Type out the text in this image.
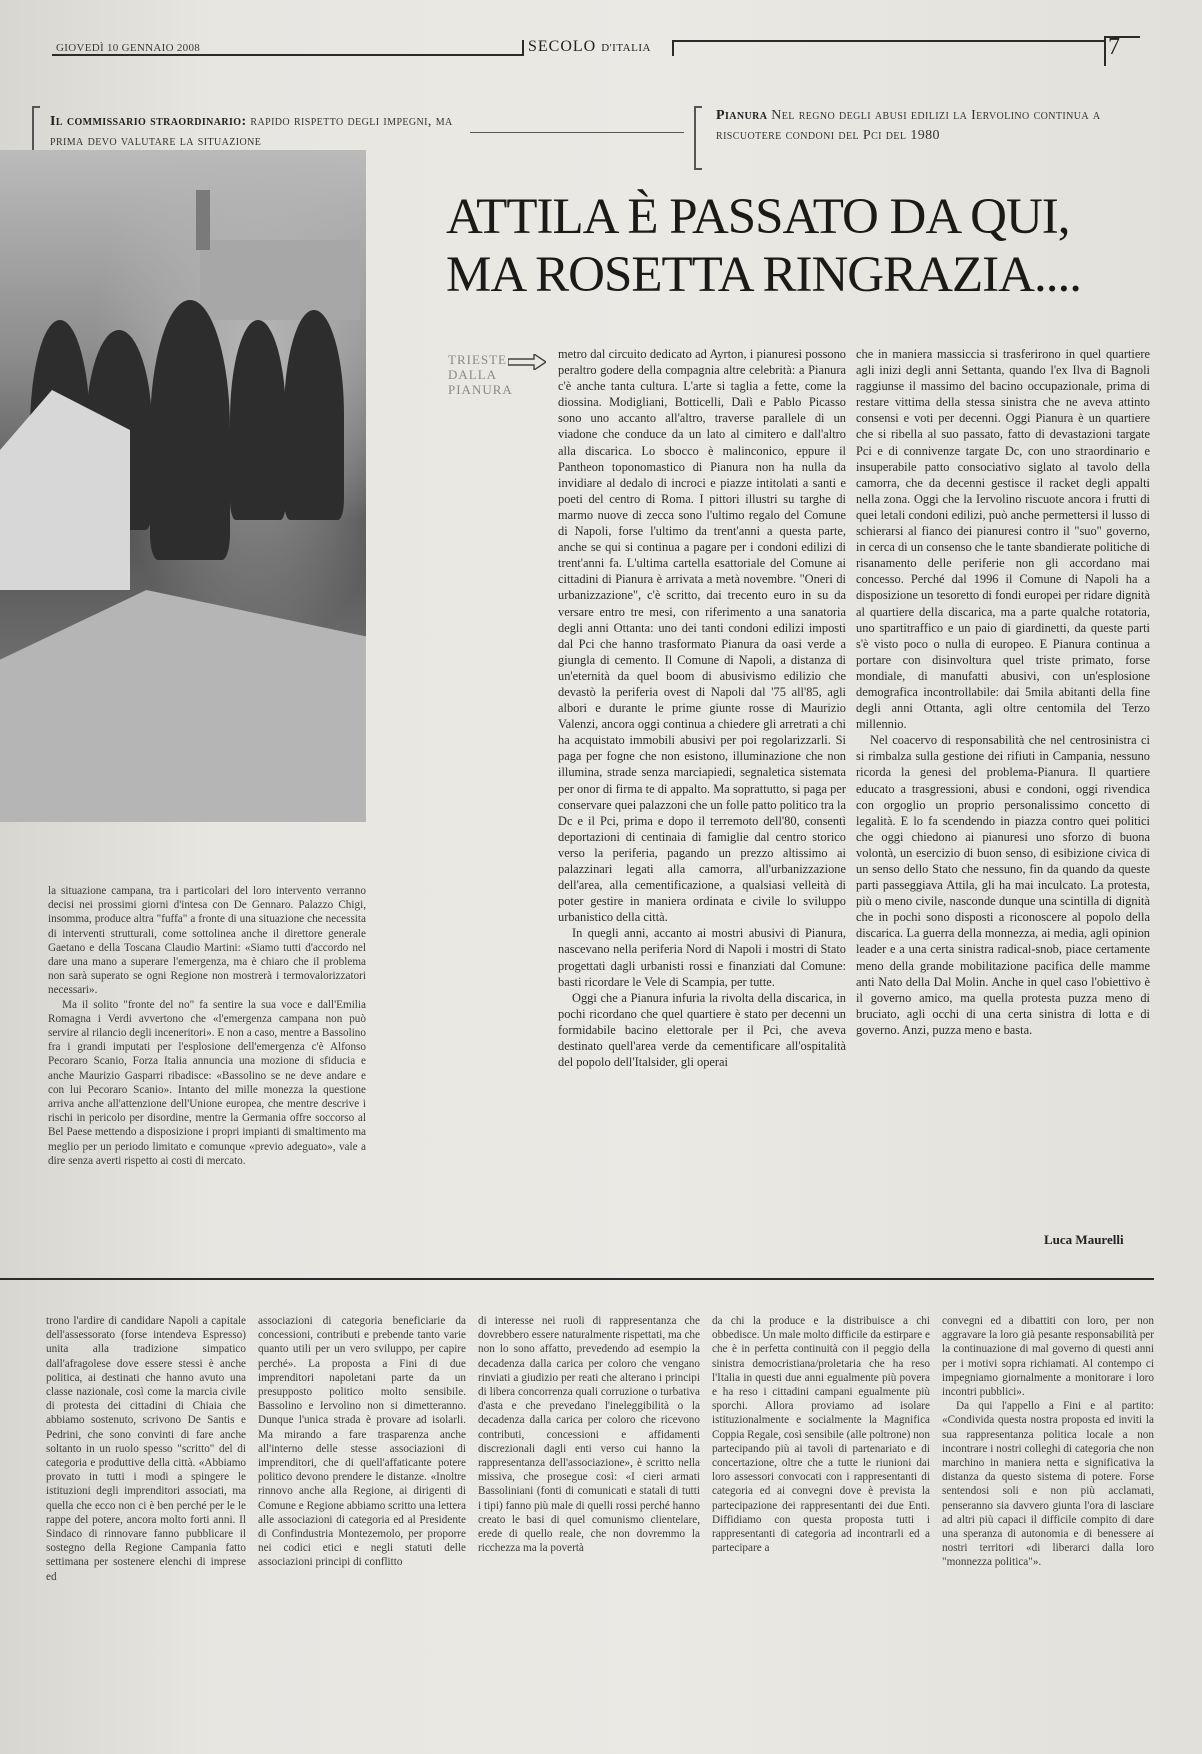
GIOVEDÌ 10 GENNAIO 2008	SECOLO D'ITALIA	7
Il commissario straordinario: rapido rispetto degli impegni, ma prima devo valutare la situazione
Pianura Nel regno degli abusi edilizi la Iervolino continua a riscuotere condoni del Pci del 1980
ATTILA È PASSATO DA QUI,
MA ROSETTA RINGRAZIA....
TRIESTE DALLA PIANURA

metro dal circuito dedicato ad Ayrton, i pianuresi possono peraltro godere della compagnia altre celebrità: a Pianura c'è anche tanta cultura. L'arte si taglia a fette, come la diossina. Modigliani, Botticelli, Dalì e Pablo Picasso sono uno accanto all'altro, traverse parallele di un viadone che conduce da un lato al cimitero e dall'altro alla discarica. Lo sbocco è malinconico, eppure il Pantheon toponomastico di Pianura non ha nulla da invidiare al dedalo di incroci e piazze intitolati a santi e poeti del centro di Roma. I pittori illustri su targhe di marmo nuove di zecca sono l'ultimo regalo del Comune di Napoli, forse l'ultimo da trent'anni a questa parte, anche se qui si continua a pagare per i condoni edilizi di trent'anni fa. L'ultima cartella esattoriale del Comune ai cittadini di Pianura è arrivata a metà novembre. "Oneri di urbanizzazione", c'è scritto, dai trecento euro in su da versare entro tre mesi, con riferimento a una sanatoria degli anni Ottanta: uno dei tanti condoni edilizi imposti dal Pci che hanno trasformato Pianura da oasi verde a giungla di cemento. Il Comune di Napoli, a distanza di un'eternità da quel boom di abusivismo edilizio che devastò la periferia ovest di Napoli dal '75 all'85, agli albori e durante le prime giunte rosse di Maurizio Valenzi, ancora oggi continua a chiedere gli arretrati a chi ha acquistato immobili abusivi per poi regolarizzarli. Si paga per fogne che non esistono, illuminazione che non illumina, strade senza marciapiedi, segnaletica sistemata per onor di firma te di appalto. Ma soprattutto, si paga per conservare quei palazzoni che un folle patto politico tra la Dc e il Pci, prima e dopo il terremoto dell'80, consentì deportazioni di centinaia di famiglie dal centro storico verso la periferia, pagando un prezzo altissimo ai palazzinari legati alla camorra, all'urbanizzazione dell'area, alla cementificazione, a qualsiasi velleità di poter gestire in maniera ordinata e civile lo sviluppo urbanistico della città.

In quegli anni, accanto ai mostri abusivi di Pianura, nascevano nella periferia Nord di Napoli i mostri di Stato progettati dagli urbanisti rossi e finanziati dal Comune: basti ricordare le Vele di Scampia, per tutte.

Oggi che a Pianura infuria la rivolta della discarica, in pochi ricordano che quel quartiere è stato per decenni un formidabile bacino elettorale per il Pci, che aveva destinato quell'area verde da cementificare all'ospitalità del popolo dell'Italsider, gli operai

che in maniera massiccia si trasferirono in quel quartiere agli inizi degli anni Settanta, quando l'ex Ilva di Bagnoli raggiunse il massimo del bacino occupazionale, prima di restare vittima della stessa sinistra che ne aveva attinto consensi e voti per decenni. Oggi Pianura è un quartiere che si ribella al suo passato, fatto di devastazioni targate Pci e di connivenze targate Dc, con uno straordinario e insuperabile patto consociativo siglato al tavolo della camorra, che da decenni gestisce il racket degli appalti nella zona. Oggi che la Iervolino riscuote ancora i frutti di quei letali condoni edilizi, può anche permettersi il lusso di schierarsi al fianco dei pianuresi contro il "suo" governo, in cerca di un consenso che le tante sbandierate politiche di risanamento delle periferie non gli accordano mai concesso. Perché dal 1996 il Comune di Napoli ha a disposizione un tesoretto di fondi europei per ridare dignità al quartiere della discarica, ma a parte qualche rotatoria, uno spartitraffico e un paio di giardinetti, da queste parti s'è visto poco o nulla di europeo. E Pianura continua a portare con disinvoltura quel triste primato, forse mondiale, di manufatti abusivi, con un'esplosione demografica incontrollabile: dai 5mila abitanti della fine degli anni Ottanta, agli oltre centomila del Terzo millennio.

Nel coacervo di responsabilità che nel centrosinistra ci si rimbalza sulla gestione dei rifiuti in Campania, nessuno ricorda la genesi del problema-Pianura. Il quartiere educato a trasgressioni, abusi e condoni, oggi rivendica con orgoglio un proprio personalissimo concetto di legalità. E lo fa scendendo in piazza contro quei politici che oggi chiedono ai pianuresi uno sforzo di buona volontà, un esercizio di buon senso, di esibizione civica di un senso dello Stato che nessuno, fin da quando da queste parti passeggiava Attila, gli ha mai inculcato. La protesta, più o meno civile, nasconde dunque una scintilla di dignità che in pochi sono disposti a riconoscere al popolo della discarica. La guerra della monnezza, ai media, agli opinion leader e a una certa sinistra radical-snob, piace certamente meno della grande mobilitazione pacifica delle mamme anti Nato della Dal Molin. Anche in quel caso l'obiettivo è il governo amico, ma quella protesta puzza meno di bruciato, agli occhi di una certa sinistra di lotta e di governo. Anzi, puzza meno e basta.

Luca Maurelli

la situazione campana, tra i particolari del loro intervento verranno decisi nei prossimi giorni d'intesa con De Gennaro. Palazzo Chigi, insomma, produce altra "fuffa" a fronte di una situazione che necessita di interventi strutturali, come sottolinea anche il direttore generale Gaetano e della Toscana Claudio Martini: «Siamo tutti d'accordo nel dare una mano a superare l'emergenza, ma è chiaro che il problema non sarà superato se ogni Regione non mostrerà i termovalorizzatori necessari».

Ma il solito "fronte del no" fa sentire la sua voce e dall'Emilia Romagna i Verdi avvertono che «l'emergenza campana non può servire al rilancio degli inceneritori». E non a caso, mentre a Bassolino fra i grandi imputati per l'esplosione dell'emergenza c'è Alfonso Pecoraro Scanio, Forza Italia annuncia una mozione di sfiducia e anche Maurizio Gasparri ribadisce: «Bassolino se ne deve andare e con lui Pecoraro Scanio». Intanto del mille monezza la questione arriva anche all'attenzione dell'Unione europea, che mentre descrive i rischi in pericolo per disordine, mentre la Germania offre soccorso al Bel Paese mettendo a disposizione i propri impianti di smaltimento ma meglio per un periodo limitato e comunque «previo adeguato», vale a dire senza averti rispetto ai costi di mercato.

trono l'ardire di candidare Napoli a capitale dell'assessorato (forse intendeva Espresso) unita alla tradizione simpatico dall'afragolese dove essere stessi è anche politica, ai destinati che hanno avuto una classe nazionale, così come la marcia civile di protesta dei cittadini di Chiaia che abbiamo sostenuto, scrivono De Santis e Pedrini, che sono convinti di fare anche soltanto in un ruolo spesso "scritto" del di categoria e produttive della città. «Abbiamo provato in tutti i modi a spingere le istituzioni degli imprenditori associati, ma quella che ecco non ci è ben perché per le le rappe del potere, ancora molto forti anni. Il Sindaco di rinnovare fanno pubblicare il sostegno della Regione Campania fatto settimana per sostenere elenchi di imprese ed

associazioni di categoria beneficiarie da concessioni, contributi e prebende tanto varie quanto utili per un vero sviluppo, per capire perché». La proposta a Fini di due imprenditori napoletani parte da un presupposto politico molto sensibile. Bassolino e Iervolino non si dimetteranno. Dunque l'unica strada è provare ad isolarli. Ma mirando a fare trasparenza anche all'interno delle stesse associazioni di imprenditori, che di quell'affaticante potere politico devono prendere le distanze. «Inoltre rinnovo anche alla Regione, ai dirigenti di Comune e Regione abbiamo scritto una lettera alle associazioni di categoria ed al Presidente di Confindustria Montezemolo, per proporre nei codici etici e negli statuti delle associazioni principi di conflitto

di interesse nei ruoli di rappresentanza che dovrebbero essere naturalmente rispettati, ma che non lo sono affatto, prevedendo ad esempio la decadenza dalla carica per coloro che vengano rinviati a giudizio per reati che alterano i principi di libera concorrenza quali corruzione o turbativa d'asta e che prevedano l'ineleggibilità o la decadenza dalla carica per coloro che ricevono contributi, concessioni e affidamenti discrezionali dagli enti verso cui hanno la rappresentanza dell'associazione», è scritto nella missiva, che prosegue così: «I cieri armati Bassoliniani (fonti di comunicati e statali di tutti i tipi) fanno più male di quelli rossi perché hanno creato le basi di quel comunismo clientelare, erede di quello reale, che non dovremmo la ricchezza ma la povertà

da chi la produce e la distribuisce a chi obbedisce. Un male molto difficile da estirpare e che è in perfetta continuità con il peggio della sinistra democristiana/proletaria che ha reso l'Italia in questi due anni egualmente più povera e ha reso i cittadini campani egualmente più sporchi. Allora proviamo ad isolare istituzionalmente e socialmente la Magnifica Coppia Regale, così sensibile (alle poltrone) non partecipando più ai tavoli di partenariato e di concertazione, oltre che a tutte le riunioni dai loro assessori convocati con i rappresentanti di categoria ed ai convegni dove è prevista la partecipazione dei rappresentanti dei due Enti. Diffidiamo con questa proposta tutti i rappresentanti di categoria ad incontrarli ed a partecipare a

convegni ed a dibattiti con loro, per non aggravare la loro già pesante responsabilità per la continuazione di mal governo di questi anni per i motivi sopra richiamati. Al contempo ci impegniamo giornalmente a monitorare i loro incontri pubblici».

Da qui l'appello a Fini e al partito: «Condivida questa nostra proposta ed inviti la sua rappresentanza politica locale a non incontrare i nostri colleghi di categoria che non marchino in maniera netta e significativa la distanza da questo sistema di potere. Forse sentendosi soli e non più acclamati, penseranno sia davvero giunta l'ora di lasciare ad altri più capaci il difficile compito di dare una speranza di autonomia e di benessere ai nostri territori «di liberarci dalla loro "monnezza politica"».
